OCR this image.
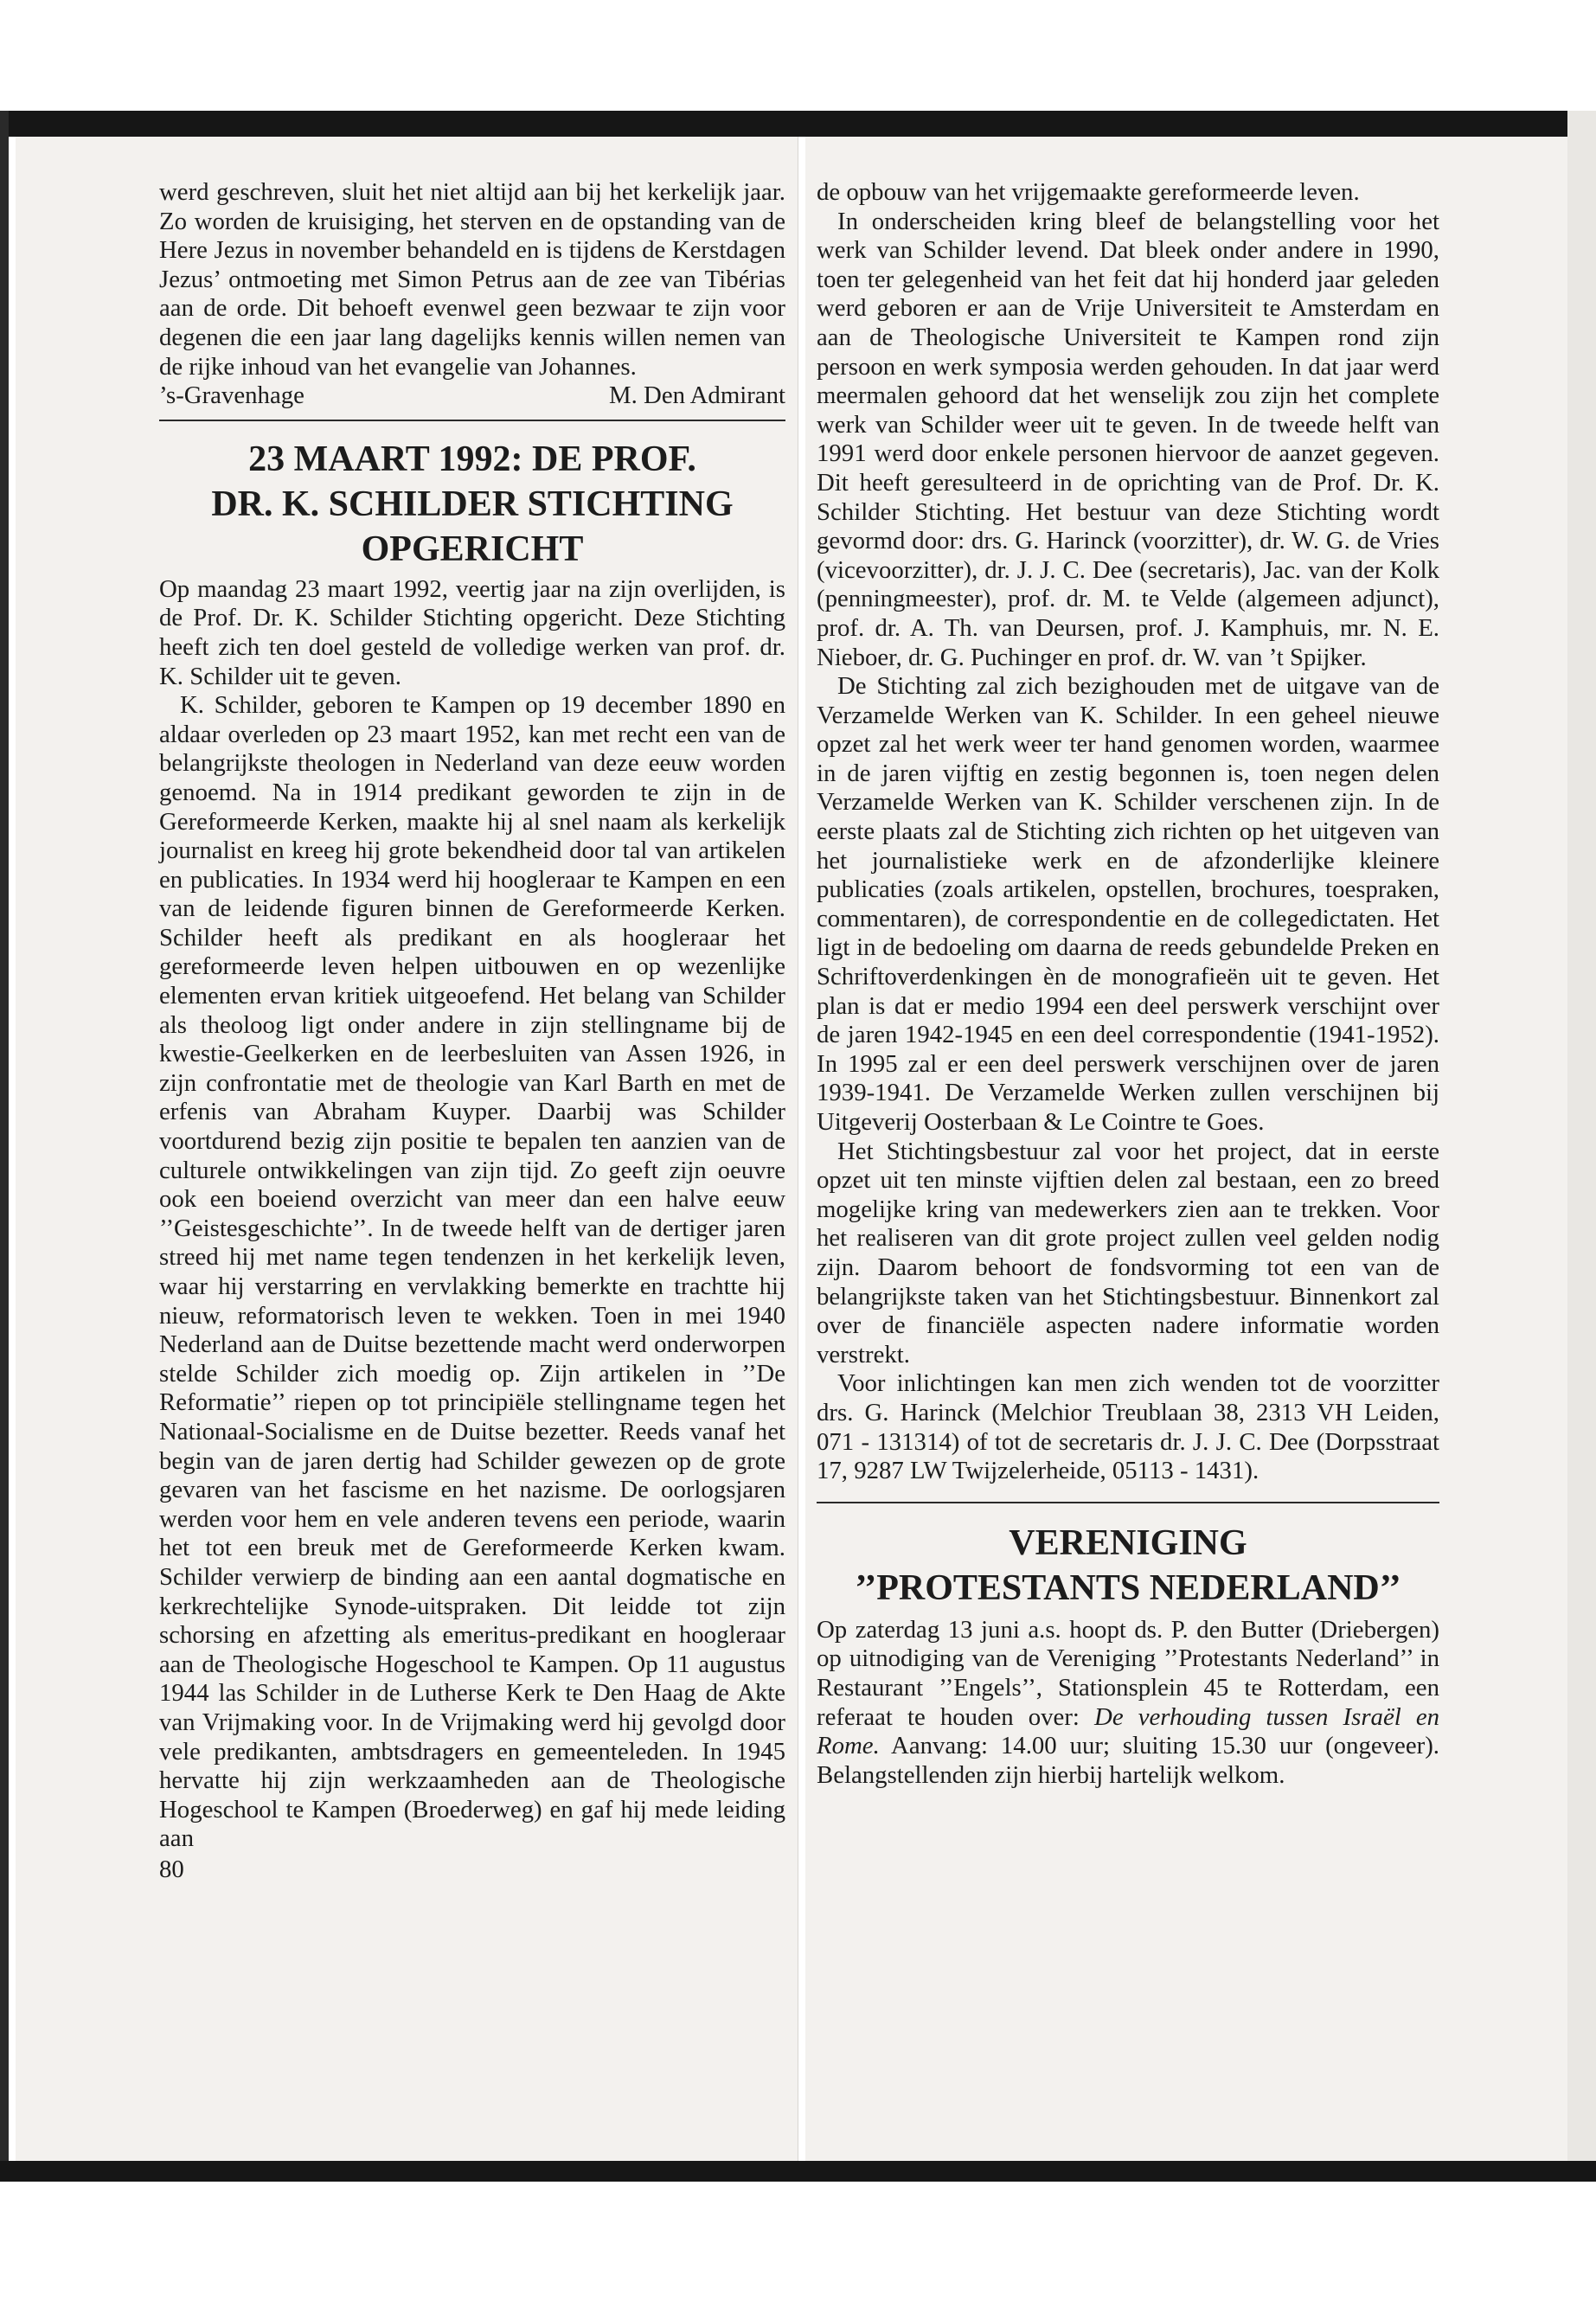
werd geschreven, sluit het niet altijd aan bij het kerkelijk jaar. Zo worden de kruisiging, het sterven en de opstanding van de Here Jezus in november behandeld en is tijdens de Kerstdagen Jezus’ ontmoeting met Simon Petrus aan de zee van Tibérias aan de orde. Dit behoeft evenwel geen bezwaar te zijn voor degenen die een jaar lang dagelijks kennis willen nemen van de rijke inhoud van het evangelie van Johannes.

’s-Gravenhage	M. Den Admirant
23 MAART 1992: DE PROF.
DR. K. SCHILDER STICHTING
OPGERICHT

Op maandag 23 maart 1992, veertig jaar na zijn overlijden, is de Prof. Dr. K. Schilder Stichting opgericht. Deze Stichting heeft zich ten doel gesteld de volledige werken van prof. dr. K. Schilder uit te geven.

K. Schilder, geboren te Kampen op 19 december 1890 en aldaar overleden op 23 maart 1952, kan met recht een van de belangrijkste theologen in Nederland van deze eeuw worden genoemd. Na in 1914 predikant geworden te zijn in de Gereformeerde Kerken, maakte hij al snel naam als kerkelijk journalist en kreeg hij grote bekendheid door tal van artikelen en publicaties. In 1934 werd hij hoogleraar te Kampen en een van de leidende figuren binnen de Gereformeerde Kerken. Schilder heeft als predikant en als hoogleraar het gereformeerde leven helpen uitbouwen en op wezenlijke elementen ervan kritiek uitgeoefend. Het belang van Schilder als theoloog ligt onder andere in zijn stellingname bij de kwestie-Geelkerken en de leerbesluiten van Assen 1926, in zijn confrontatie met de theologie van Karl Barth en met de erfenis van Abraham Kuyper. Daarbij was Schilder voortdurend bezig zijn positie te bepalen ten aanzien van de culturele ontwikkelingen van zijn tijd. Zo geeft zijn oeuvre ook een boeiend overzicht van meer dan een halve eeuw ’’Geistesgeschichte’’. In de tweede helft van de dertiger jaren streed hij met name tegen tendenzen in het kerkelijk leven, waar hij verstarring en vervlakking bemerkte en trachtte hij nieuw, reformatorisch leven te wekken. Toen in mei 1940 Nederland aan de Duitse bezettende macht werd onderworpen stelde Schilder zich moedig op. Zijn artikelen in ’’De Reformatie’’ riepen op tot principiële stellingname tegen het Nationaal-Socialisme en de Duitse bezetter. Reeds vanaf het begin van de jaren dertig had Schilder gewezen op de grote gevaren van het fascisme en het nazisme. De oorlogsjaren werden voor hem en vele anderen tevens een periode, waarin het tot een breuk met de Gereformeerde Kerken kwam. Schilder verwierp de binding aan een aantal dogmatische en kerkrechtelijke Synode-uitspraken. Dit leidde tot zijn schorsing en afzetting als emeritus-predikant en hoogleraar aan de Theologische Hogeschool te Kampen. Op 11 augustus 1944 las Schilder in de Lutherse Kerk te Den Haag de Akte van Vrijmaking voor. In de Vrijmaking werd hij gevolgd door vele predikanten, ambtsdragers en gemeenteleden. In 1945 hervatte hij zijn werkzaamheden aan de Theologische Hogeschool te Kampen (Broederweg) en gaf hij mede leiding aan

80

de opbouw van het vrijgemaakte gereformeerde leven.

In onderscheiden kring bleef de belangstelling voor het werk van Schilder levend. Dat bleek onder andere in 1990, toen ter gelegenheid van het feit dat hij honderd jaar geleden werd geboren er aan de Vrije Universiteit te Amsterdam en aan de Theologische Universiteit te Kampen rond zijn persoon en werk symposia werden gehouden. In dat jaar werd meermalen gehoord dat het wenselijk zou zijn het complete werk van Schilder weer uit te geven. In de tweede helft van 1991 werd door enkele personen hiervoor de aanzet gegeven. Dit heeft geresulteerd in de oprichting van de Prof. Dr. K. Schilder Stichting. Het bestuur van deze Stichting wordt gevormd door: drs. G. Harinck (voorzitter), dr. W. G. de Vries (vicevoorzitter), dr. J. J. C. Dee (secretaris), Jac. van der Kolk (penningmeester), prof. dr. M. te Velde (algemeen adjunct), prof. dr. A. Th. van Deursen, prof. J. Kamphuis, mr. N. E. Nieboer, dr. G. Puchinger en prof. dr. W. van ’t Spijker.

De Stichting zal zich bezighouden met de uitgave van de Verzamelde Werken van K. Schilder. In een geheel nieuwe opzet zal het werk weer ter hand genomen worden, waarmee in de jaren vijftig en zestig begonnen is, toen negen delen Verzamelde Werken van K. Schilder verschenen zijn. In de eerste plaats zal de Stichting zich richten op het uitgeven van het journalistieke werk en de afzonderlijke kleinere publicaties (zoals artikelen, opstellen, brochures, toespraken, commentaren), de correspondentie en de collegedictaten. Het ligt in de bedoeling om daarna de reeds gebundelde Preken en Schriftoverdenkingen èn de monografieën uit te geven. Het plan is dat er medio 1994 een deel perswerk verschijnt over de jaren 1942-1945 en een deel correspondentie (1941-1952). In 1995 zal er een deel perswerk verschijnen over de jaren 1939-1941. De Verzamelde Werken zullen verschijnen bij Uitgeverij Oosterbaan & Le Cointre te Goes.

Het Stichtingsbestuur zal voor het project, dat in eerste opzet uit ten minste vijftien delen zal bestaan, een zo breed mogelijke kring van medewerkers zien aan te trekken. Voor het realiseren van dit grote project zullen veel gelden nodig zijn. Daarom behoort de fondsvorming tot een van de belangrijkste taken van het Stichtingsbestuur. Binnenkort zal over de financiële aspecten nadere informatie worden verstrekt.

Voor inlichtingen kan men zich wenden tot de voorzitter drs. G. Harinck (Melchior Treublaan 38, 2313 VH Leiden, 071 - 131314) of tot de secretaris dr. J. J. C. Dee (Dorpsstraat 17, 9287 LW Twijzelerheide, 05113 - 1431).

VERENIGING
’’PROTESTANTS NEDERLAND’’

Op zaterdag 13 juni a.s. hoopt ds. P. den Butter (Driebergen) op uitnodiging van de Vereniging ’’Protestants Nederland’’ in Restaurant ’’Engels’’, Stationsplein 45 te Rotterdam, een referaat te houden over: De verhouding tussen Israël en Rome. Aanvang: 14.00 uur; sluiting 15.30 uur (ongeveer). Belangstellenden zijn hierbij hartelijk welkom.
